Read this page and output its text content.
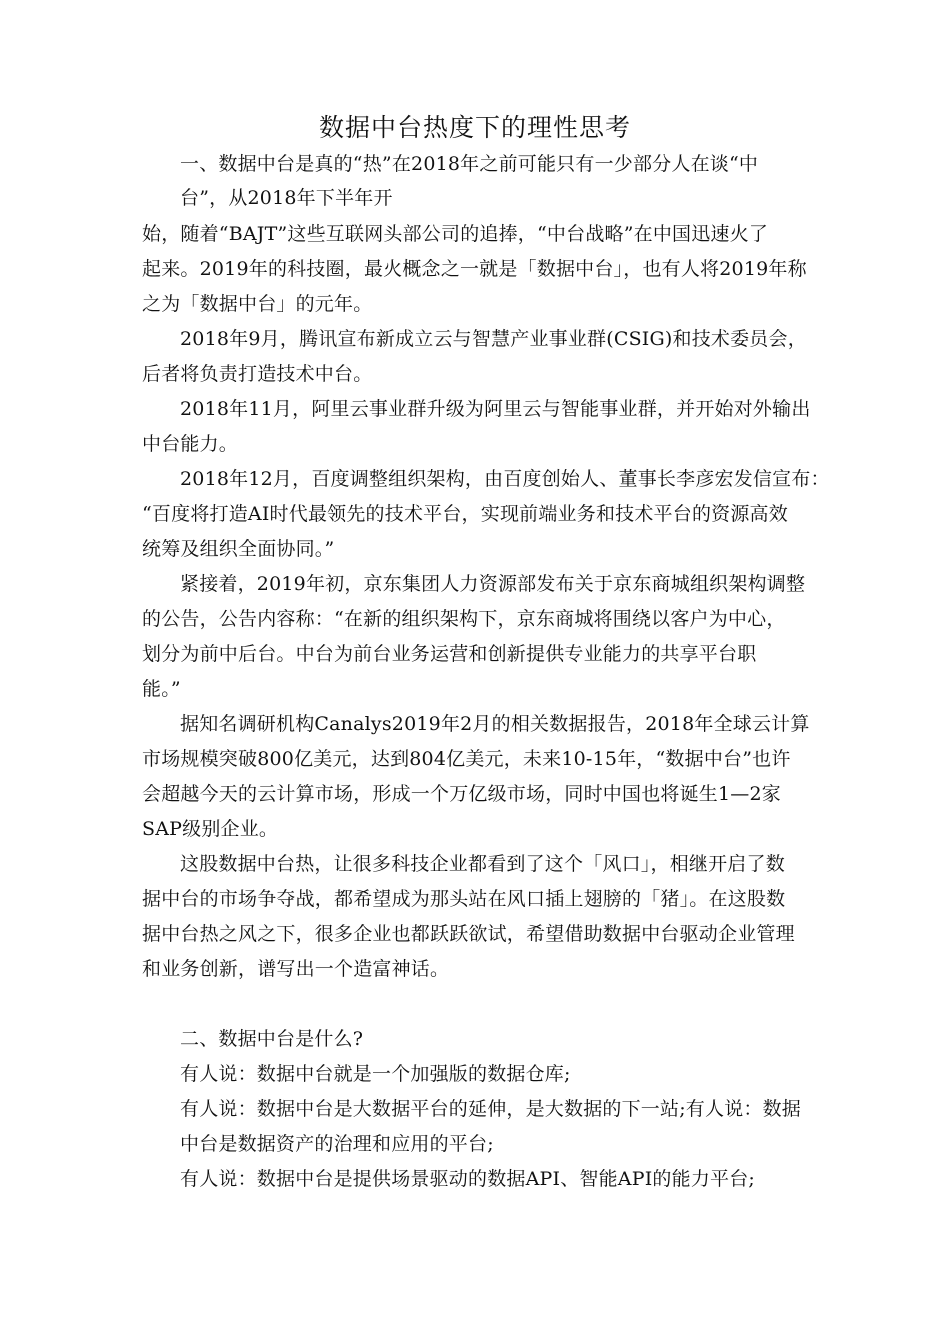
数据中台热度下的理性思考
一、数据中台是真的“热”在2018年之前可能只有一少部分人在谈“中
台”，从2018年下半年开
始，随着“BAJT”这些互联网头部公司的追捧，“中台战略”在中国迅速火了
起来。2019年的科技圈，最火概念之一就是「数据中台」，也有人将2019年称
之为「数据中台」的元年。
2018年9月，腾讯宣布新成立云与智慧产业事业群(CSIG)和技术委员会，
后者将负责打造技术中台。
2018年11月，阿里云事业群升级为阿里云与智能事业群，并开始对外输出
中台能力。
2018年12月，百度调整组织架构，由百度创始人、董事长李彦宏发信宣布：
“百度将打造AI时代最领先的技术平台，实现前端业务和技术平台的资源高效
统筹及组织全面协同。”
紧接着，2019年初，京东集团人力资源部发布关于京东商城组织架构调整
的公告，公告内容称：“在新的组织架构下，京东商城将围绕以客户为中心，
划分为前中后台。中台为前台业务运营和创新提供专业能力的共享平台职
能。”
据知名调研机构Canalys2019年2月的相关数据报告，2018年全球云计算
市场规模突破800亿美元，达到804亿美元，未来10-15年，“数据中台”也许
会超越今天的云计算市场，形成一个万亿级市场，同时中国也将诞生1—2家
SAP级别企业。
这股数据中台热，让很多科技企业都看到了这个「风口」，相继开启了数
据中台的市场争夺战，都希望成为那头站在风口插上翅膀的「猪」。在这股数
据中台热之风之下，很多企业也都跃跃欲试，希望借助数据中台驱动企业管理
和业务创新，谱写出一个造富神话。
二、数据中台是什么?
有人说：数据中台就是一个加强版的数据仓库;
有人说：数据中台是大数据平台的延伸，是大数据的下一站;有人说：数据
中台是数据资产的治理和应用的平台;
有人说：数据中台是提供场景驱动的数据API、智能API的能力平台;
